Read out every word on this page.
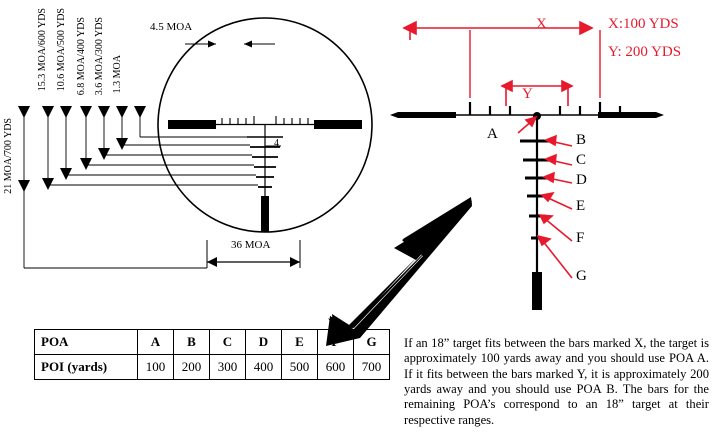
15.3 MOA/600 YDS 10.6 MOA/500 YDS 6.8 MOA/400 YDS 3.6 MOA/300 YDS 1.3 MOA
21 MOA/700 YDS
4.5 MOA
36 MOA
4
X
Y
X:100 YDS
Y: 200 YDS
A	B
C
D
E
F
G
POA	A	B	C	D	E	F	G
POI (yards)	100	200	300	400	500	600	700
If an 18” target fits between the bars marked X, the target is approximately 100 yards away and you should use POA A. If it fits between the bars marked Y, it is approximately 200 yards away and you should use POA B. The bars for the remaining POA’s correspond to an 18” target at their respective ranges.
